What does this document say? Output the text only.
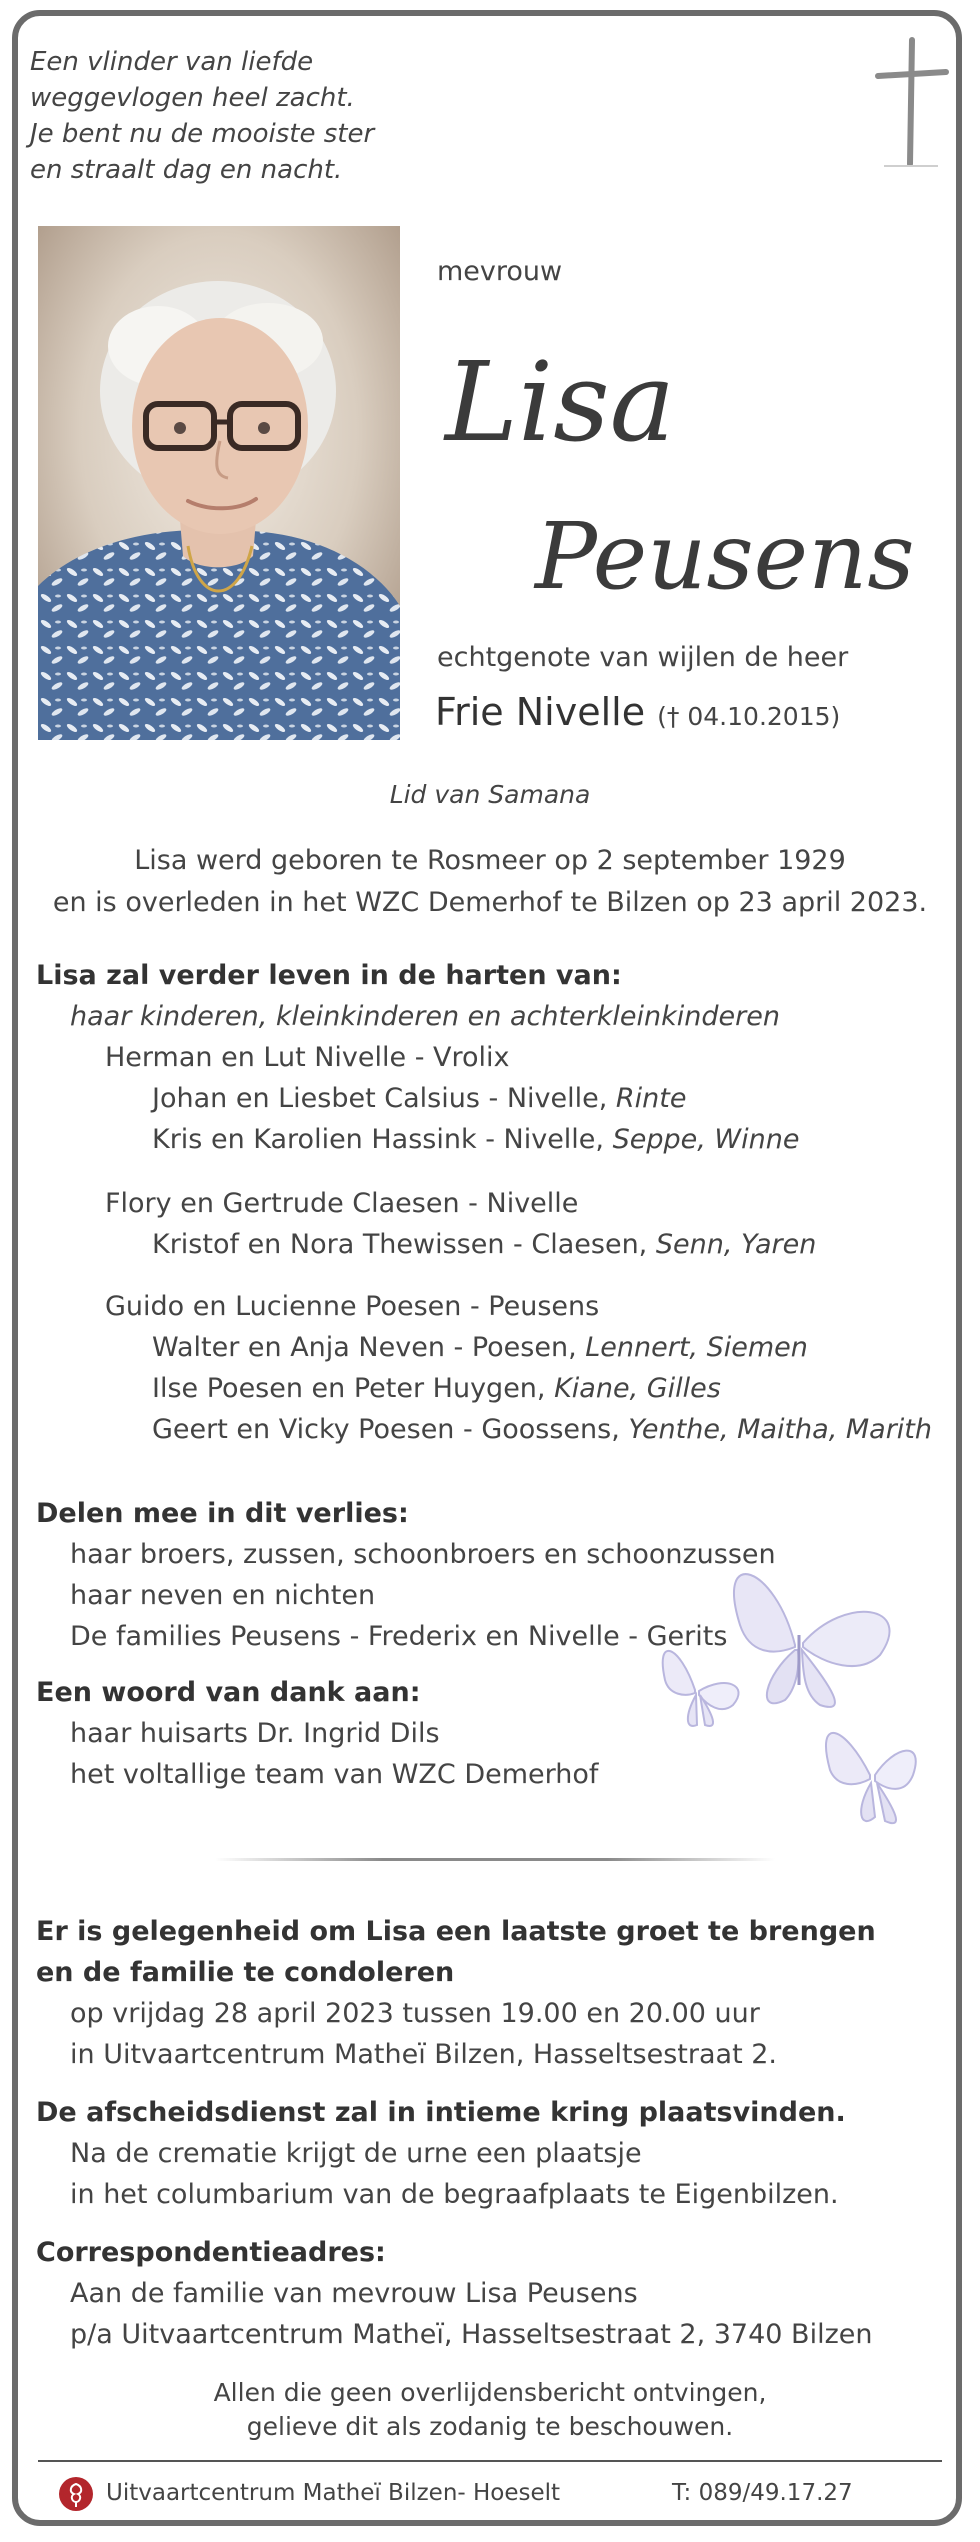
Een vlinder van liefde
weggevlogen heel zacht.
Je bent nu de mooiste ster
en straalt dag en nacht.
mevrouw
Lisa
Peusens
echtgenote van wijlen de heer
Frie Nivelle († 04.10.2015)
Lid van Samana
Lisa werd geboren te Rosmeer op 2 september 1929
en is overleden in het WZC Demerhof te Bilzen op 23 april 2023.
Lisa zal verder leven in de harten van:
haar kinderen, kleinkinderen en achterkleinkinderen
Herman en Lut Nivelle - Vrolix
Johan en Liesbet Calsius - Nivelle, Rinte
Kris en Karolien Hassink - Nivelle, Seppe, Winne
Flory en Gertrude Claesen - Nivelle
Kristof en Nora Thewissen - Claesen, Senn, Yaren
Guido en Lucienne Poesen - Peusens
Walter en Anja Neven - Poesen, Lennert, Siemen
Ilse Poesen en Peter Huygen, Kiane, Gilles
Geert en Vicky Poesen - Goossens, Yenthe, Maitha, Marith
Delen mee in dit verlies:
haar broers, zussen, schoonbroers en schoonzussen
haar neven en nichten
De families Peusens - Frederix en Nivelle - Gerits
Een woord van dank aan:
haar huisarts Dr. Ingrid Dils
het voltallige team van WZC Demerhof
Er is gelegenheid om Lisa een laatste groet te brengen
en de familie te condoleren
op vrijdag 28 april 2023 tussen 19.00 en 20.00 uur
in Uitvaartcentrum Matheï Bilzen, Hasseltsestraat 2.
De afscheidsdienst zal in intieme kring plaatsvinden.
Na de crematie krijgt de urne een plaatsje
in het columbarium van de begraafplaats te Eigenbilzen.
Correspondentieadres:
Aan de familie van mevrouw Lisa Peusens
p/a Uitvaartcentrum Matheï, Hasseltsestraat 2, 3740 Bilzen
Allen die geen overlijdensbericht ontvingen,
gelieve dit als zodanig te beschouwen.
Uitvaartcentrum Matheï Bilzen- Hoeselt	T: 089/49.17.27
